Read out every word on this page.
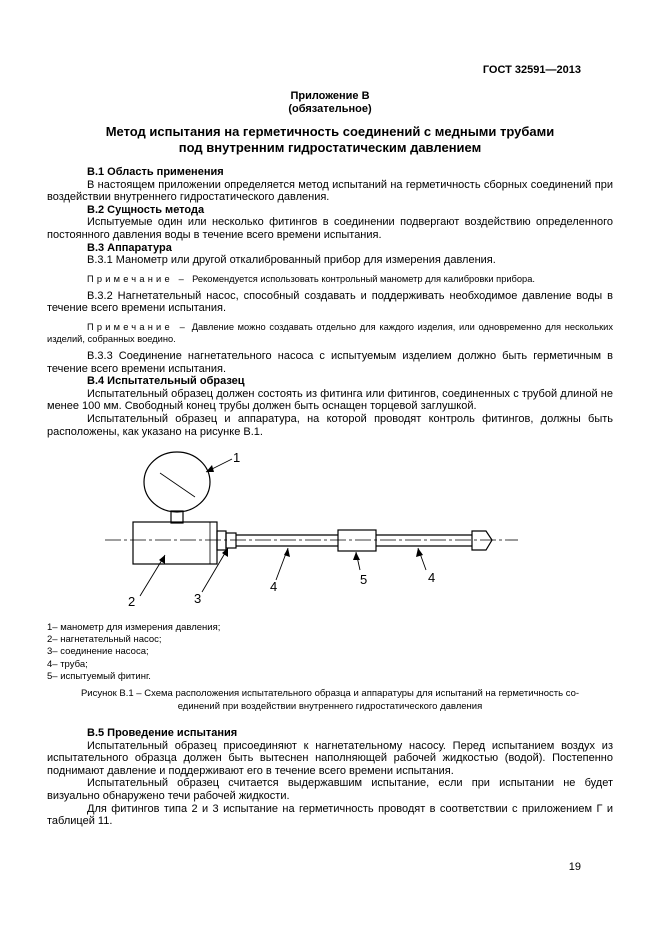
ГОСТ 32591—2013
Приложение В
(обязательное)
Метод испытания на герметичность соединений с медными трубами
под внутренним гидростатическим давлением
В.1 Область применения
В настоящем приложении определяется метод испытаний на герметичность сборных соединений при воздействии внутреннего гидростатического давления.
В.2 Сущность метода
Испытуемые один или несколько фитингов в соединении подвергают воздействию определенного постоянного давления воды в течение всего времени испытания.
В.3 Аппаратура
В.3.1 Манометр или другой откалиброванный прибор для измерения давления.
Примечание – Рекомендуется использовать контрольный манометр для калибровки прибора.
В.3.2 Нагнетательный насос, способный создавать и поддерживать необходимое давление воды в течение всего времени испытания.
Примечание – Давление можно создавать отдельно для каждого изделия, или одновременно для нескольких изделий, собранных воедино.
В.3.3 Соединение нагнетательного насоса с испытуемым изделием должно быть герметичным в течение всего времени испытания.
В.4 Испытательный образец
Испытательный образец должен состоять из фитинга или фитингов, соединенных с трубой длиной не менее 100 мм. Свободный конец трубы должен быть оснащен торцевой заглушкой.
Испытательный образец и аппаратура, на которой проводят контроль фитингов, должны быть расположены, как указано на рисунке В.1.
1
2	3
4	5	4
1– манометр для измерения давления;
2– нагнетательный насос;
3– соединение насоса;
4– труба;
5– испытуемый фитинг.
Рисунок В.1 – Схема расположения испытательного образца и аппаратуры для испытаний на герметичность со-
единений при воздействии внутреннего гидростатического давления
В.5 Проведение испытания
Испытательный образец присоединяют к нагнетательному насосу. Перед испытанием воздух из испытательного образца должен быть вытеснен наполняющей рабочей жидкостью (водой). Постепенно поднимают давление и поддерживают его в течение всего времени испытания.
Испытательный образец считается выдержавшим испытание, если при испытании не будет визуально обнаружено течи рабочей жидкости.
Для фитингов типа 2 и 3 испытание на герметичность проводят в соответствии с приложением Г и таблицей 11.
19
